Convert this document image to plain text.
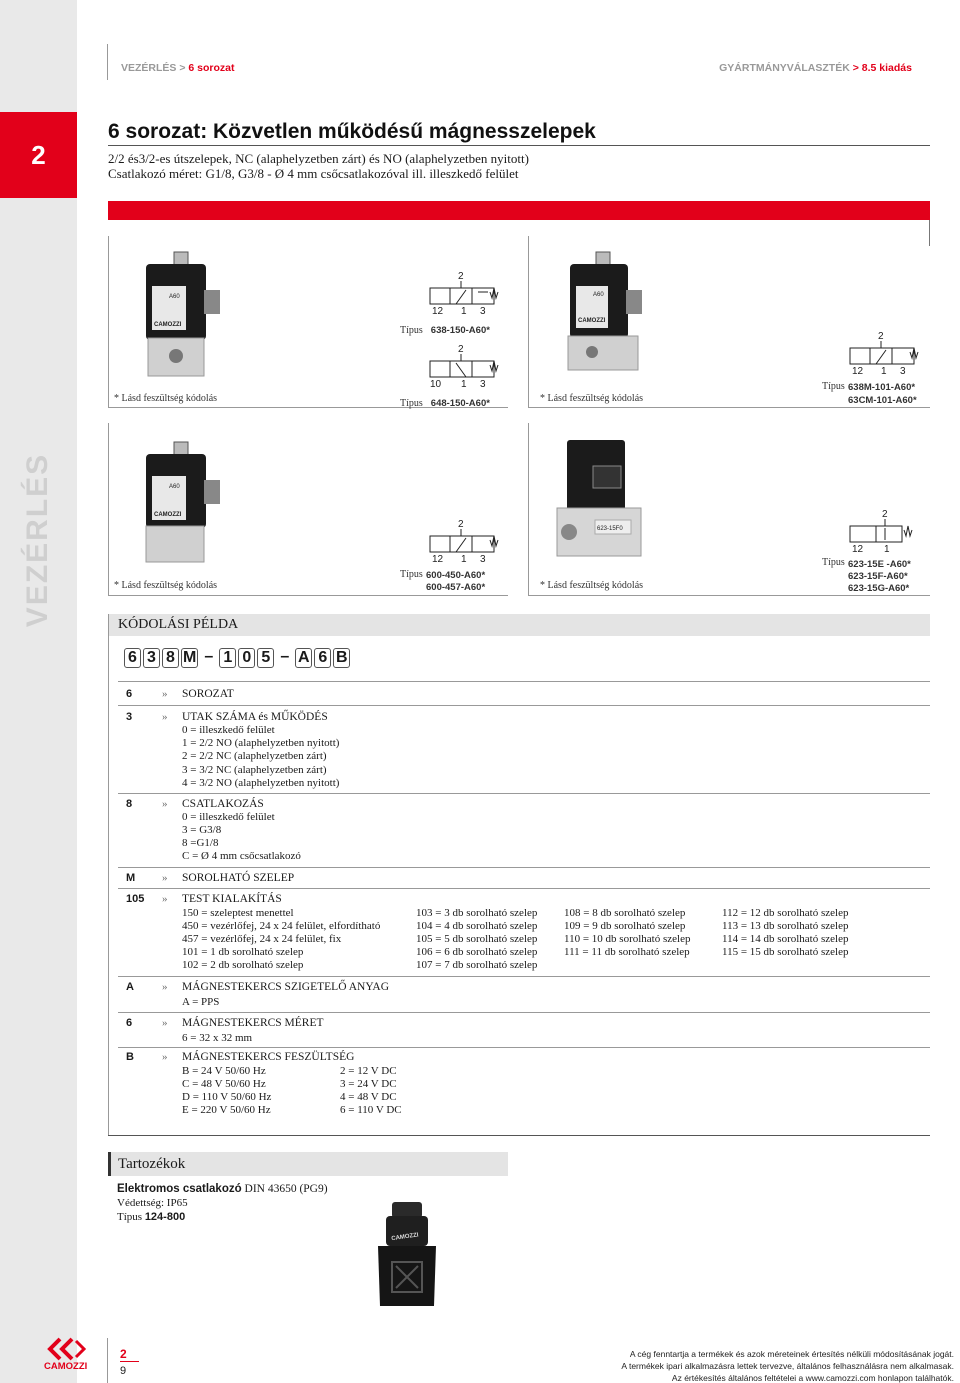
2
VEZÉRLÉS
VEZÉRLÉS > 6 sorozat	GYÁRTMÁNYVÁLASZTÉK > 8.5 kiadás
6 sorozat: Közvetlen működésű mágnesszelepek
2/2 és3/2-es útszelepek, NC (alaphelyzetben zárt) és NO (alaphelyzetben nyitott)
Csatlakozó méret: G1/8, G3/8 - Ø 4 mm csőcsatlakozóval ill. illeszkedő felület
A60
CAMOZZI
2
12 1 3
Típus 638-150-A60*
2
10 1 3
* Lásd feszültség kódolás	Típus 648-150-A60*
A60
CAMOZZI
2
12 1 3
* Lásd feszültség kódolás
Típus 638M-101-A60*
63CM-101-A60*
A60
CAMOZZI
2
12 1 3
* Lásd feszültség kódolás
Típus 600-450-A60*
600-457-A60*
623-15F0
2
12 1
* Lásd feszültség kódolás
Típus 623-15E -A60*
623-15F-A60*
623-15G-A60*
KÓDOLÁSI PÉLDA
6 3 8 M – 1 0 5 – A 6 B
6	» SOROZAT
3	» UTAK SZÁMA és MŰKÖDÉS
0 = illeszkedő felület
1 = 2/2 NO (alaphelyzetben nyitott)
2 = 2/2 NC (alaphelyzetben zárt)
3 = 3/2 NC (alaphelyzetben zárt)
4 = 3/2 NO (alaphelyzetben nyitott)
8	» CSATLAKOZÁS
0 = illeszkedő felület
3 = G3/8
8 =G1/8
C = Ø 4 mm csőcsatlakozó
M » SOROLHATÓ SZELEP
105 » TEST KIALAKÍTÁS
150 = szeleptest menettel
450 = vezérlőfej, 24 x 24 felület, elfordítható
457 = vezérlőfej, 24 x 24 felület, fix
101 = 1 db sorolható szelep
102 = 2 db sorolható szelep
103 = 3 db sorolható szelep
104 = 4 db sorolható szelep
105 = 5 db sorolható szelep
106 = 6 db sorolható szelep
107 = 7 db sorolható szelep
108 = 8 db sorolható szelep
109 = 9 db sorolható szelep
110 = 10 db sorolható szelep
111 = 11 db sorolható szelep
112 = 12 db sorolható szelep
113 = 13 db sorolható szelep
114 = 14 db sorolható szelep
115 = 15 db sorolható szelep
A	» MÁGNESTEKERCS SZIGETELŐ ANYAG
A = PPS
6	» MÁGNESTEKERCS MÉRET
6 = 32 x 32 mm
B	» MÁGNESTEKERCS FESZÜLTSÉG
B = 24 V 50/60 Hz
C = 48 V 50/60 Hz
D = 110 V 50/60 Hz
E = 220 V 50/60 Hz
2 = 12 V DC
3 = 24 V DC
4 = 48 V DC
6 = 110 V DC
Tartozékok
Elektromos csatlakozó DIN 43650 (PG9)
Védettség: IP65
Típus 124-800
CAMOZZI
CAMOZZI
2
9
A cég fenntartja a termékek és azok méreteinek értesítés nélküli módosításának jogát.
A termékek ipari alkalmazásra lettek tervezve, általános felhasználásra nem alkalmasak.
Az értékesítés általános feltételei a www.camozzi.com honlapon találhatók.
